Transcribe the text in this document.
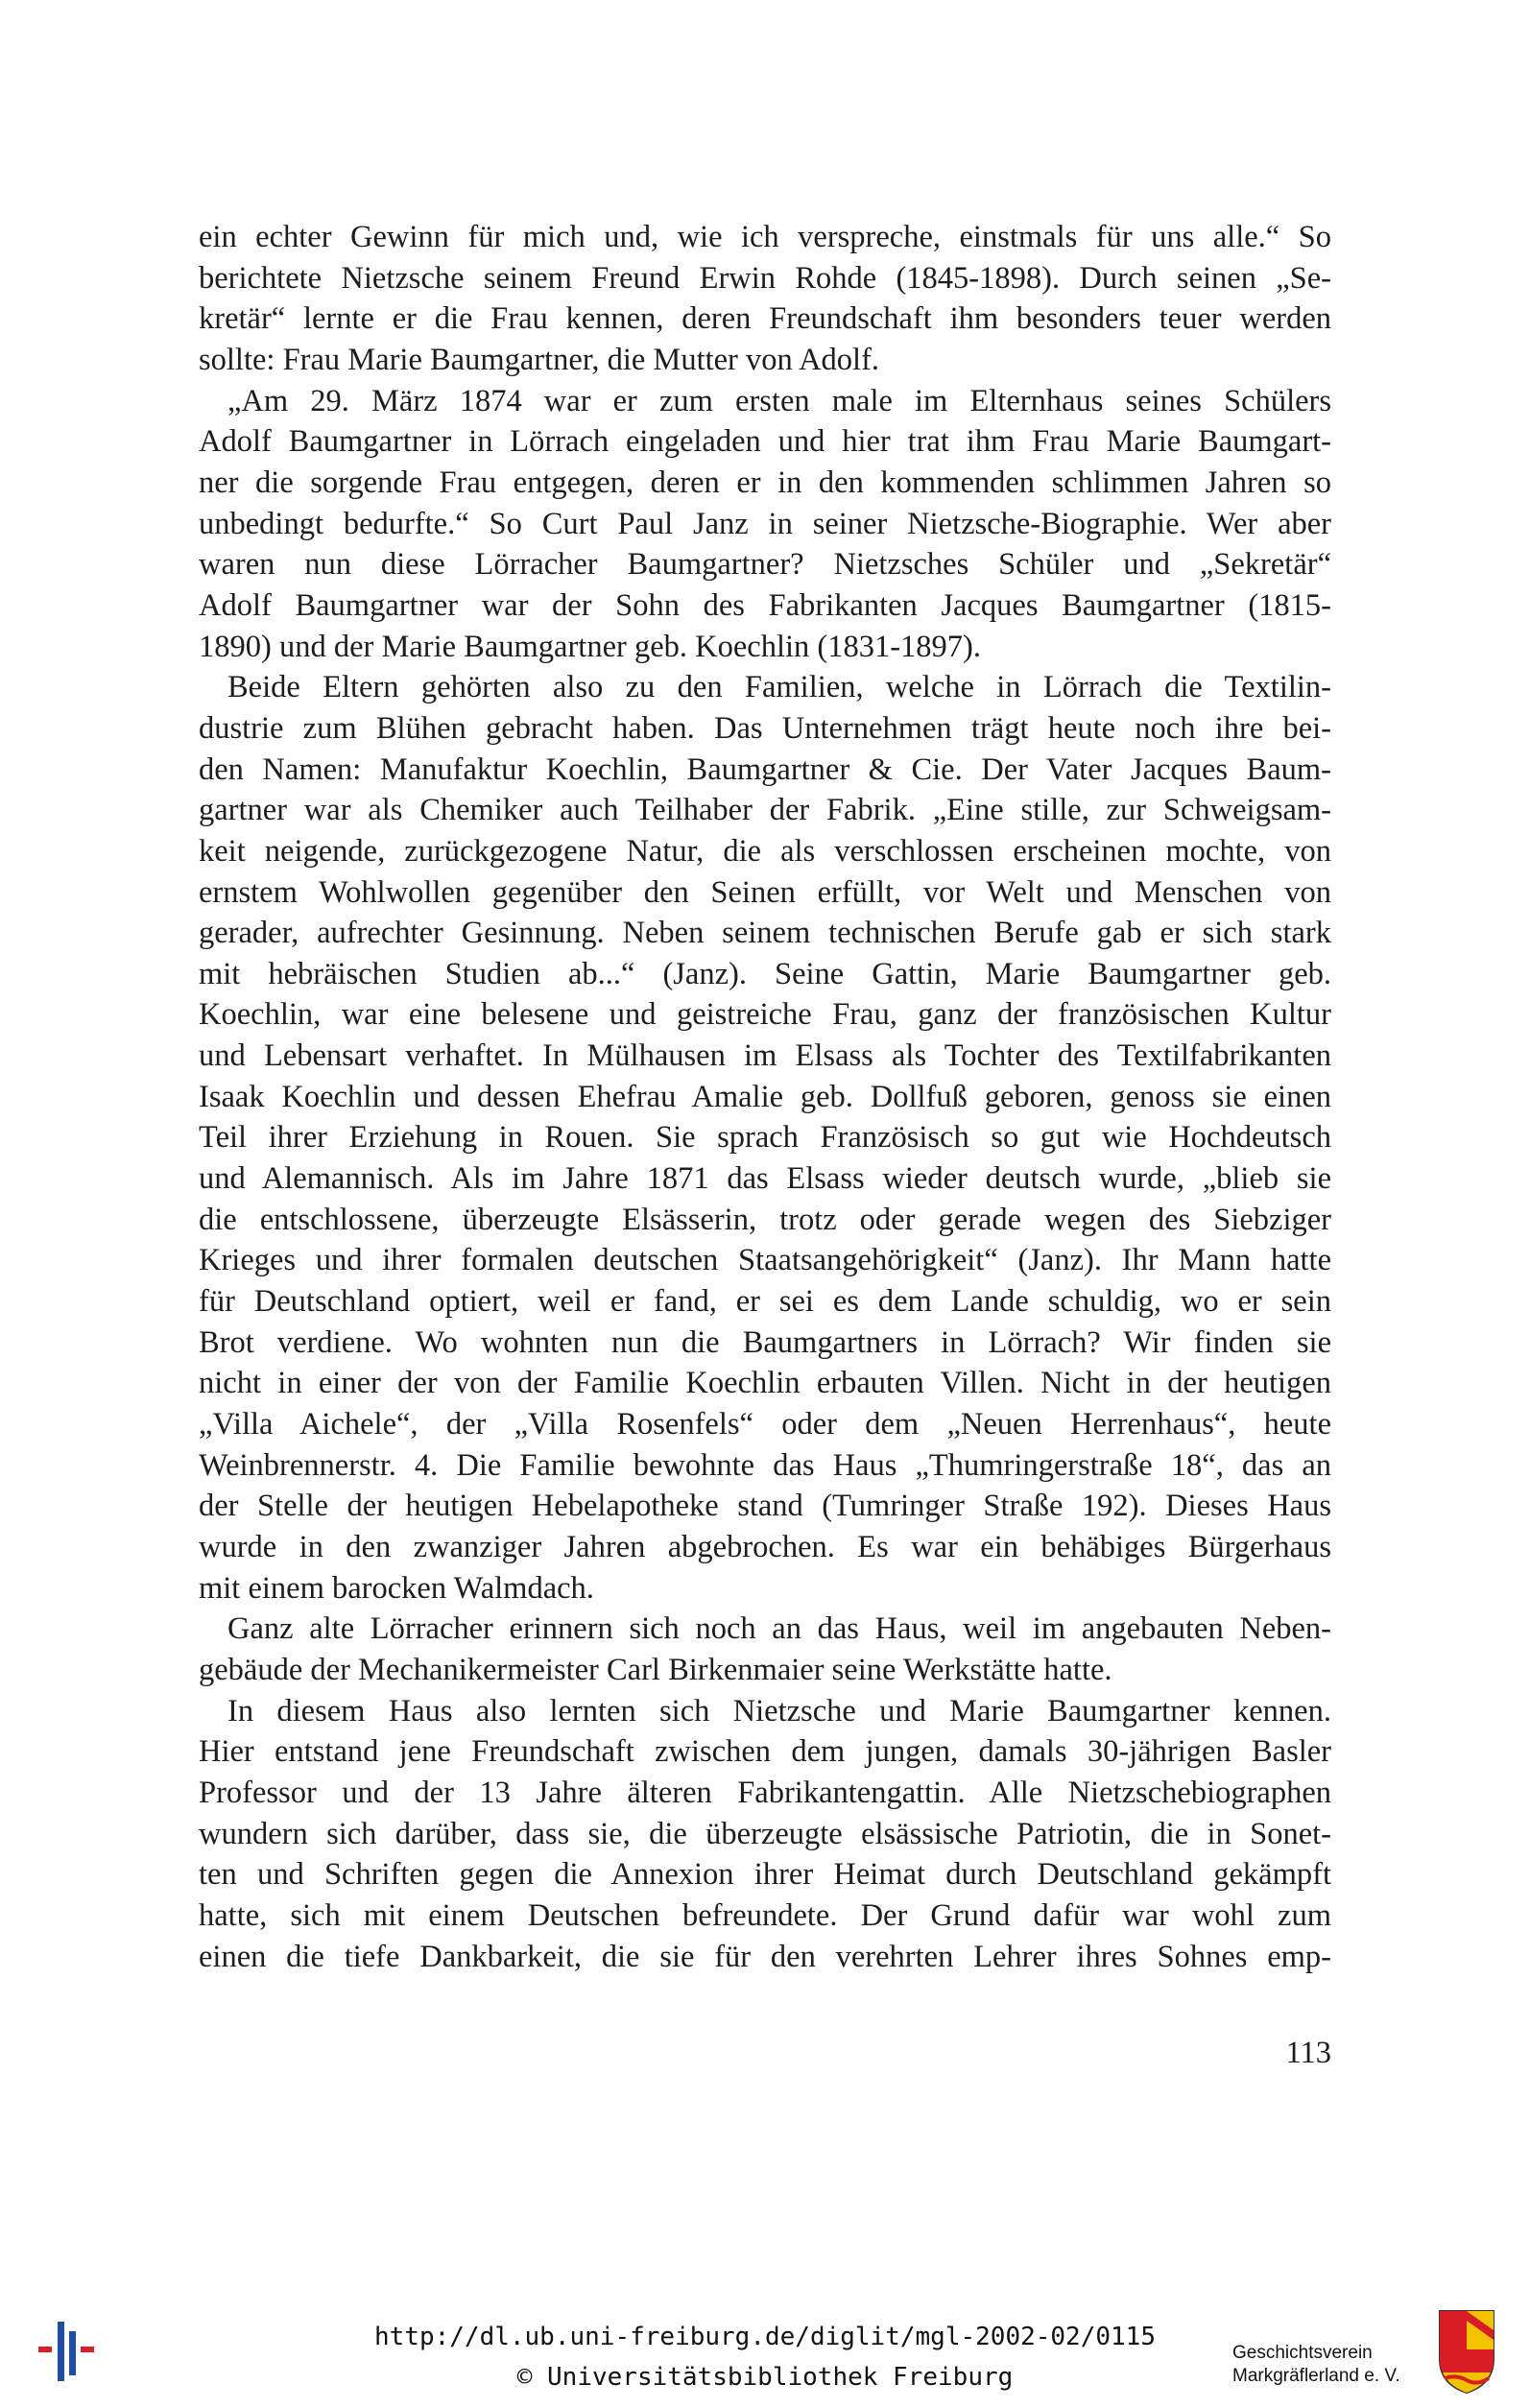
ein echter Gewinn für mich und, wie ich verspreche, einstmals für uns alle.“ So
berichtete Nietzsche seinem Freund Erwin Rohde (1845-1898). Durch seinen „Se-
kretär“ lernte er die Frau kennen, deren Freundschaft ihm besonders teuer werden
sollte: Frau Marie Baumgartner, die Mutter von Adolf.
„Am 29. März 1874 war er zum ersten male im Elternhaus seines Schülers
Adolf Baumgartner in Lörrach eingeladen und hier trat ihm Frau Marie Baumgart-
ner die sorgende Frau entgegen, deren er in den kommenden schlimmen Jahren so
unbedingt bedurfte.“ So Curt Paul Janz in seiner Nietzsche-Biographie. Wer aber
waren nun diese Lörracher Baumgartner? Nietzsches Schüler und „Sekretär“
Adolf Baumgartner war der Sohn des Fabrikanten Jacques Baumgartner (1815-
1890) und der Marie Baumgartner geb. Koechlin (1831-1897).
Beide Eltern gehörten also zu den Familien, welche in Lörrach die Textilin-
dustrie zum Blühen gebracht haben. Das Unternehmen trägt heute noch ihre bei-
den Namen: Manufaktur Koechlin, Baumgartner & Cie. Der Vater Jacques Baum-
gartner war als Chemiker auch Teilhaber der Fabrik. „Eine stille, zur Schweigsam-
keit neigende, zurückgezogene Natur, die als verschlossen erscheinen mochte, von
ernstem Wohlwollen gegenüber den Seinen erfüllt, vor Welt und Menschen von
gerader, aufrechter Gesinnung. Neben seinem technischen Berufe gab er sich stark
mit hebräischen Studien ab...“ (Janz). Seine Gattin, Marie Baumgartner geb.
Koechlin, war eine belesene und geistreiche Frau, ganz der französischen Kultur
und Lebensart verhaftet. In Mülhausen im Elsass als Tochter des Textilfabrikanten
Isaak Koechlin und dessen Ehefrau Amalie geb. Dollfuß geboren, genoss sie einen
Teil ihrer Erziehung in Rouen. Sie sprach Französisch so gut wie Hochdeutsch
und Alemannisch. Als im Jahre 1871 das Elsass wieder deutsch wurde, „blieb sie
die entschlossene, überzeugte Elsässerin, trotz oder gerade wegen des Siebziger
Krieges und ihrer formalen deutschen Staatsangehörigkeit“ (Janz). Ihr Mann hatte
für Deutschland optiert, weil er fand, er sei es dem Lande schuldig, wo er sein
Brot verdiene. Wo wohnten nun die Baumgartners in Lörrach? Wir finden sie
nicht in einer der von der Familie Koechlin erbauten Villen. Nicht in der heutigen
„Villa Aichele“, der „Villa Rosenfels“ oder dem „Neuen Herrenhaus“, heute
Weinbrennerstr. 4. Die Familie bewohnte das Haus „Thumringerstraße 18“, das an
der Stelle der heutigen Hebelapotheke stand (Tumringer Straße 192). Dieses Haus
wurde in den zwanziger Jahren abgebrochen. Es war ein behäbiges Bürgerhaus
mit einem barocken Walmdach.
Ganz alte Lörracher erinnern sich noch an das Haus, weil im angebauten Neben-
gebäude der Mechanikermeister Carl Birkenmaier seine Werkstätte hatte.
In diesem Haus also lernten sich Nietzsche und Marie Baumgartner kennen.
Hier entstand jene Freundschaft zwischen dem jungen, damals 30-jährigen Basler
Professor und der 13 Jahre älteren Fabrikantengattin. Alle Nietzschebiographen
wundern sich darüber, dass sie, die überzeugte elsässische Patriotin, die in Sonet-
ten und Schriften gegen die Annexion ihrer Heimat durch Deutschland gekämpft
hatte, sich mit einem Deutschen befreundete. Der Grund dafür war wohl zum
einen die tiefe Dankbarkeit, die sie für den verehrten Lehrer ihres Sohnes emp-
113
http://dl.ub.uni-freiburg.de/diglit/mgl-2002-02/0115
© Universitätsbibliothek Freiburg
Geschichtsverein
Markgräflerland e. V.
